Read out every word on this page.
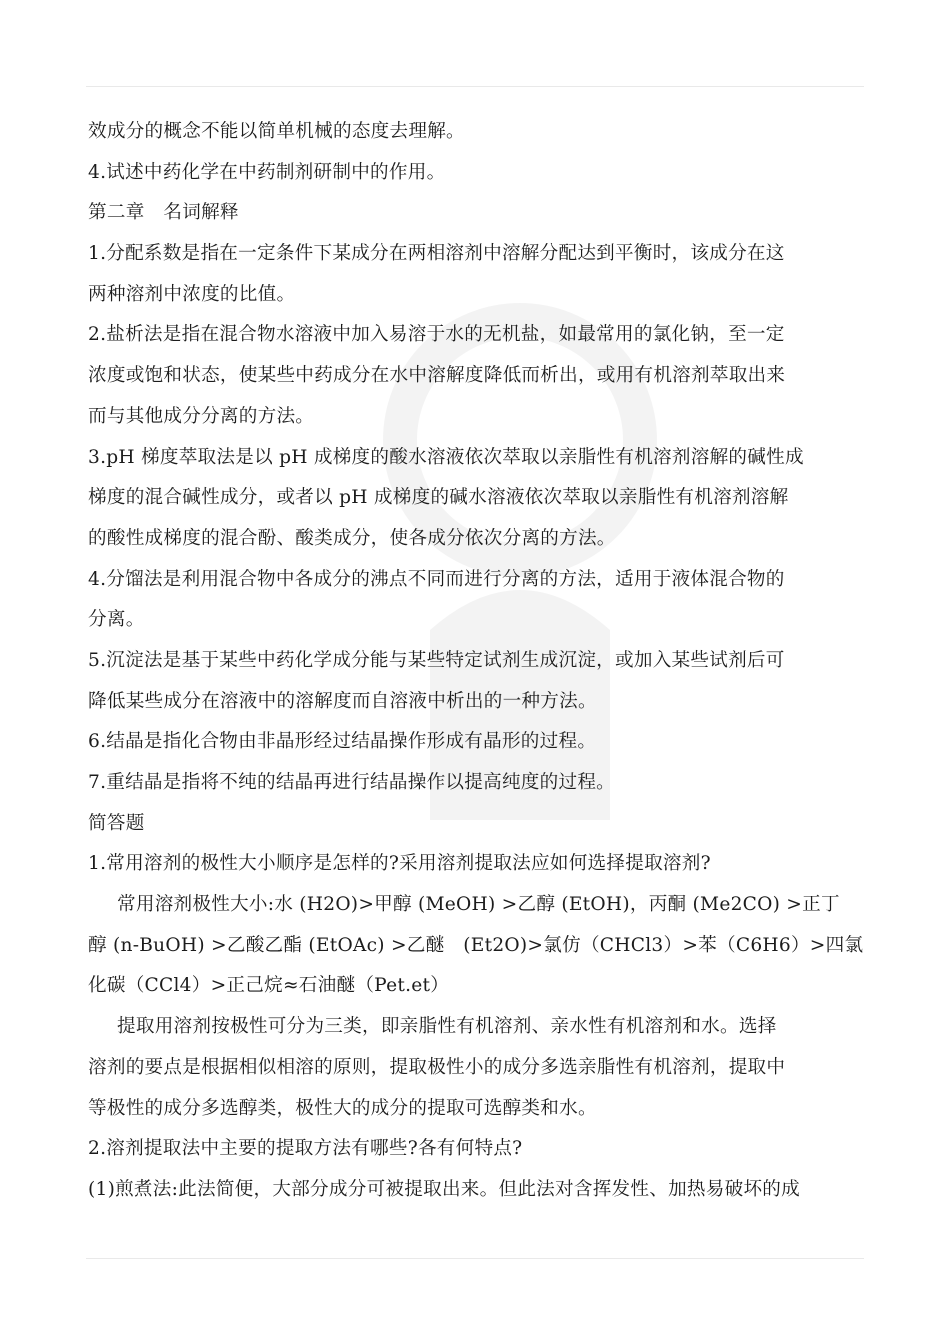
效成分的概念不能以简单机械的态度去理解。
4.试述中药化学在中药制剂研制中的作用。
第二章　名词解释
1.分配系数是指在一定条件下某成分在两相溶剂中溶解分配达到平衡时，该成分在这
两种溶剂中浓度的比值。
2.盐析法是指在混合物水溶液中加入易溶于水的无机盐，如最常用的氯化钠，至一定
浓度或饱和状态，使某些中药成分在水中溶解度降低而析出，或用有机溶剂萃取出来
而与其他成分分离的方法。
3.pH 梯度萃取法是以 pH 成梯度的酸水溶液依次萃取以亲脂性有机溶剂溶解的碱性成
梯度的混合碱性成分，或者以 pH 成梯度的碱水溶液依次萃取以亲脂性有机溶剂溶解
的酸性成梯度的混合酚、酸类成分，使各成分依次分离的方法。
4.分馏法是利用混合物中各成分的沸点不同而进行分离的方法，适用于液体混合物的
分离。
5.沉淀法是基于某些中药化学成分能与某些特定试剂生成沉淀，或加入某些试剂后可
降低某些成分在溶液中的溶解度而自溶液中析出的一种方法。
6.结晶是指化合物由非晶形经过结晶操作形成有晶形的过程。
7.重结晶是指将不纯的结晶再进行结晶操作以提高纯度的过程。
简答题
1.常用溶剂的极性大小顺序是怎样的?采用溶剂提取法应如何选择提取溶剂?
常用溶剂极性大小:水 (H2O)>甲醇 (MeOH) >乙醇 (EtOH)，丙酮 (Me2CO) >正丁
醇 (n-BuOH) >乙酸乙酯 (EtOAc) >乙醚　(Et2O)>氯仿（CHCl3）>苯（C6H6）>四氯
化碳（CCl4）>正己烷≈石油醚（Pet.et）
提取用溶剂按极性可分为三类，即亲脂性有机溶剂、亲水性有机溶剂和水。选择
溶剂的要点是根据相似相溶的原则，提取极性小的成分多选亲脂性有机溶剂，提取中
等极性的成分多选醇类，极性大的成分的提取可选醇类和水。
2.溶剂提取法中主要的提取方法有哪些?各有何特点?
(1)煎煮法:此法简便，大部分成分可被提取出来。但此法对含挥发性、加热易破坏的成
